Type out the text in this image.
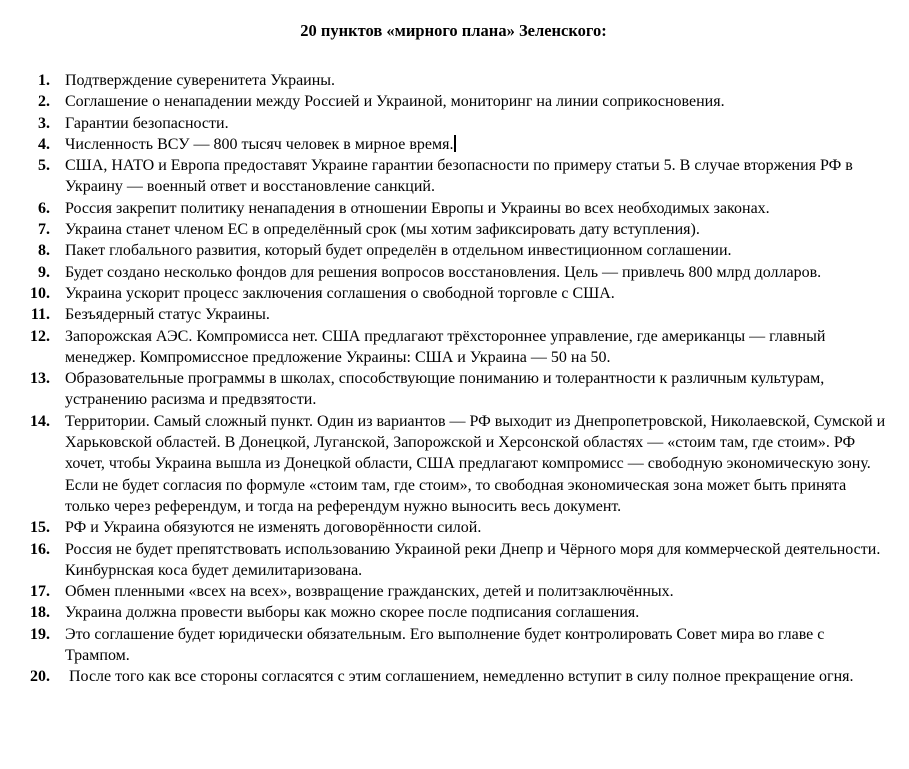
20 пунктов «мирного плана» Зеленского:
1. Подтверждение суверенитета Украины.
2. Соглашение о ненападении между Россией и Украиной, мониторинг на линии соприкосновения.
3. Гарантии безопасности.
4. Численность ВСУ — 800 тысяч человек в мирное время.
5. США, НАТО и Европа предоставят Украине гарантии безопасности по примеру статьи 5. В случае вторжения РФ в Украину — военный ответ и восстановление санкций.
6. Россия закрепит политику ненападения в отношении Европы и Украины во всех необходимых законах.
7. Украина станет членом ЕС в определённый срок (мы хотим зафиксировать дату вступления).
8. Пакет глобального развития, который будет определён в отдельном инвестиционном соглашении.
9. Будет создано несколько фондов для решения вопросов восстановления. Цель — привлечь 800 млрд долларов.
10. Украина ускорит процесс заключения соглашения о свободной торговле с США.
11. Безъядерный статус Украины.
12. Запорожская АЭС. Компромисса нет. США предлагают трёхстороннее управление, где американцы — главный менеджер. Компромиссное предложение Украины: США и Украина — 50 на 50.
13. Образовательные программы в школах, способствующие пониманию и толерантности к различным культурам, устранению расизма и предвзятости.
14. Территории. Самый сложный пункт. Один из вариантов — РФ выходит из Днепропетровской, Николаевской, Сумской и Харьковской областей. В Донецкой, Луганской, Запорожской и Херсонской областях — «стоим там, где стоим». РФ хочет, чтобы Украина вышла из Донецкой области, США предлагают компромисс — свободную экономическую зону. Если не будет согласия по формуле «стоим там, где стоим», то свободная экономическая зона может быть принята только через референдум, и тогда на референдум нужно выносить весь документ.
15. РФ и Украина обязуются не изменять договорённости силой.
16. Россия не будет препятствовать использованию Украиной реки Днепр и Чёрного моря для коммерческой деятельности. Кинбурнская коса будет демилитаризована.
17. Обмен пленными «всех на всех», возвращение гражданских, детей и политзаключённых.
18. Украина должна провести выборы как можно скорее после подписания соглашения.
19. Это соглашение будет юридически обязательным. Его выполнение будет контролировать Совет мира во главе с Трампом.
20. После того как все стороны согласятся с этим соглашением, немедленно вступит в силу полное прекращение огня.
